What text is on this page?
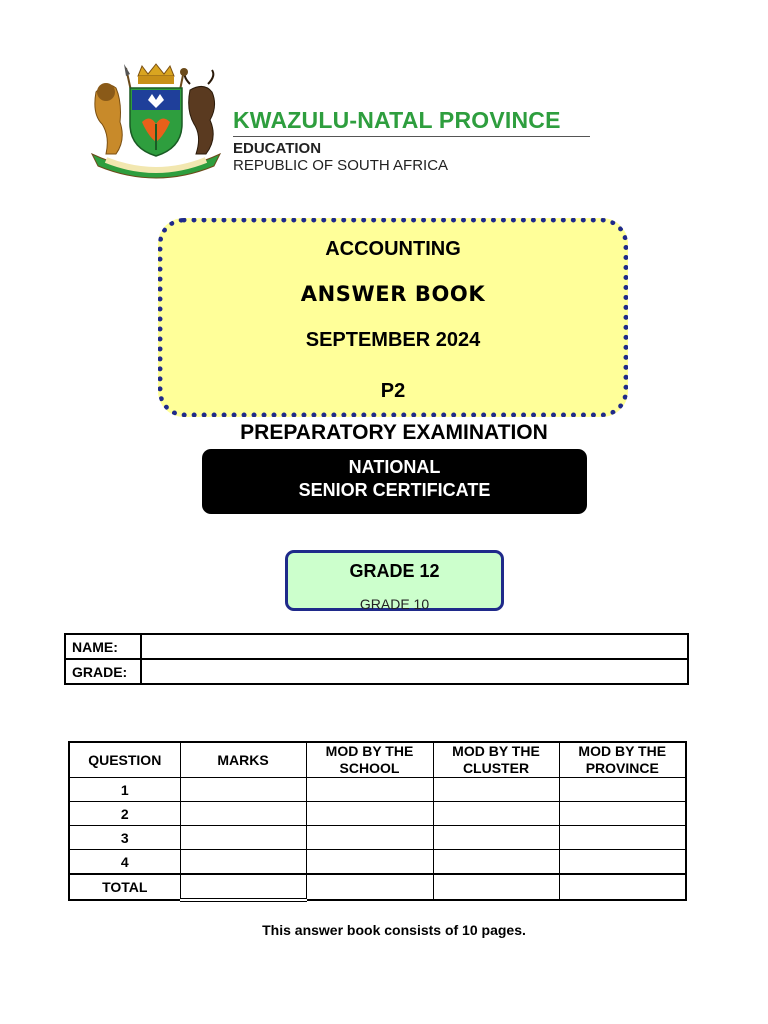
KWAZULU-NATAL PROVINCE
EDUCATION
REPUBLIC OF SOUTH AFRICA
ACCOUNTING
ANSWER BOOK
SEPTEMBER 2024
P2
PREPARATORY EXAMINATION
NATIONAL
SENIOR CERTIFICATE
GRADE 12
GRADE 10
NAME:	
GRADE:	
QUESTION	MARKS	MOD BY THE SCHOOL	MOD BY THE CLUSTER	MOD BY THE PROVINCE
1				
2				
3				
4				
TOTAL				
This answer book consists of 10 pages.
